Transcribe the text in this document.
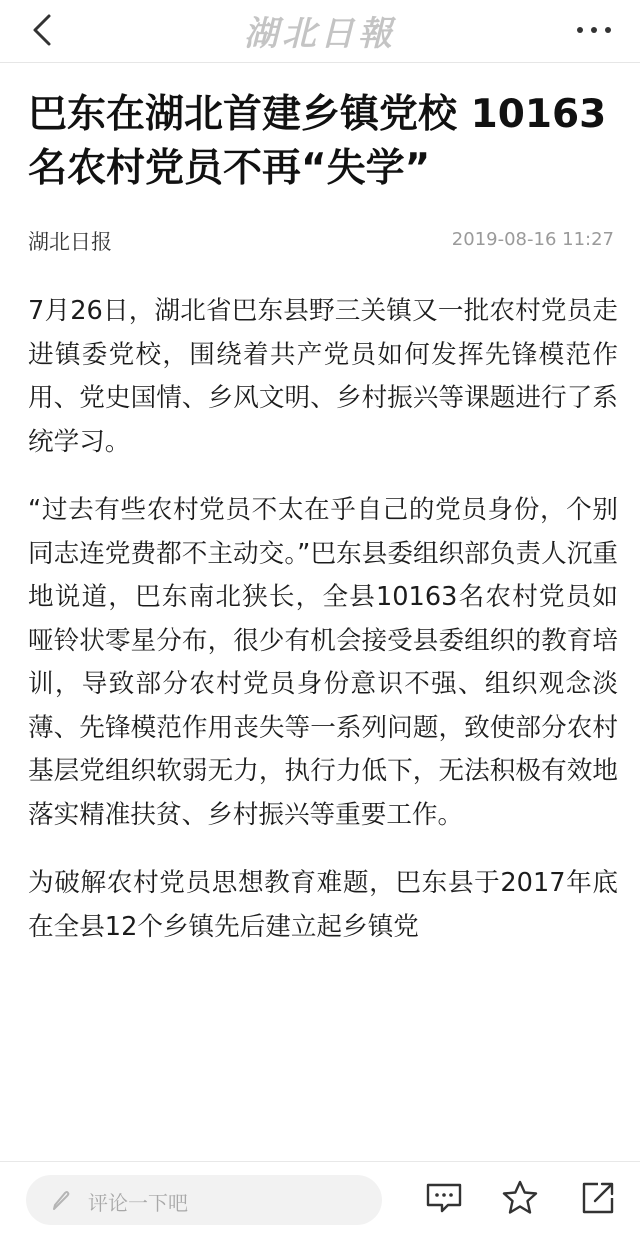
湖北日報
巴东在湖北首建乡镇党校 10163名农村党员不再“失学”
湖北日报	2019-08-16 11:27

7月26日，湖北省巴东县野三关镇又一批农村党员走进镇委党校，围绕着共产党员如何发挥先锋模范作用、党史国情、乡风文明、乡村振兴等课题进行了系统学习。

“过去有些农村党员不太在乎自己的党员身份，个别同志连党费都不主动交。”巴东县委组织部负责人沉重地说道，巴东南北狭长，全县10163名农村党员如哑铃状零星分布，很少有机会接受县委组织的教育培训，导致部分农村党员身份意识不强、组织观念淡薄、先锋模范作用丧失等一系列问题，致使部分农村基层党组织软弱无力，执行力低下，无法积极有效地落实精准扶贫、乡村振兴等重要工作。

为破解农村党员思想教育难题，巴东县于2017年底在全县12个乡镇先后建立起乡镇党

评论一下吧
